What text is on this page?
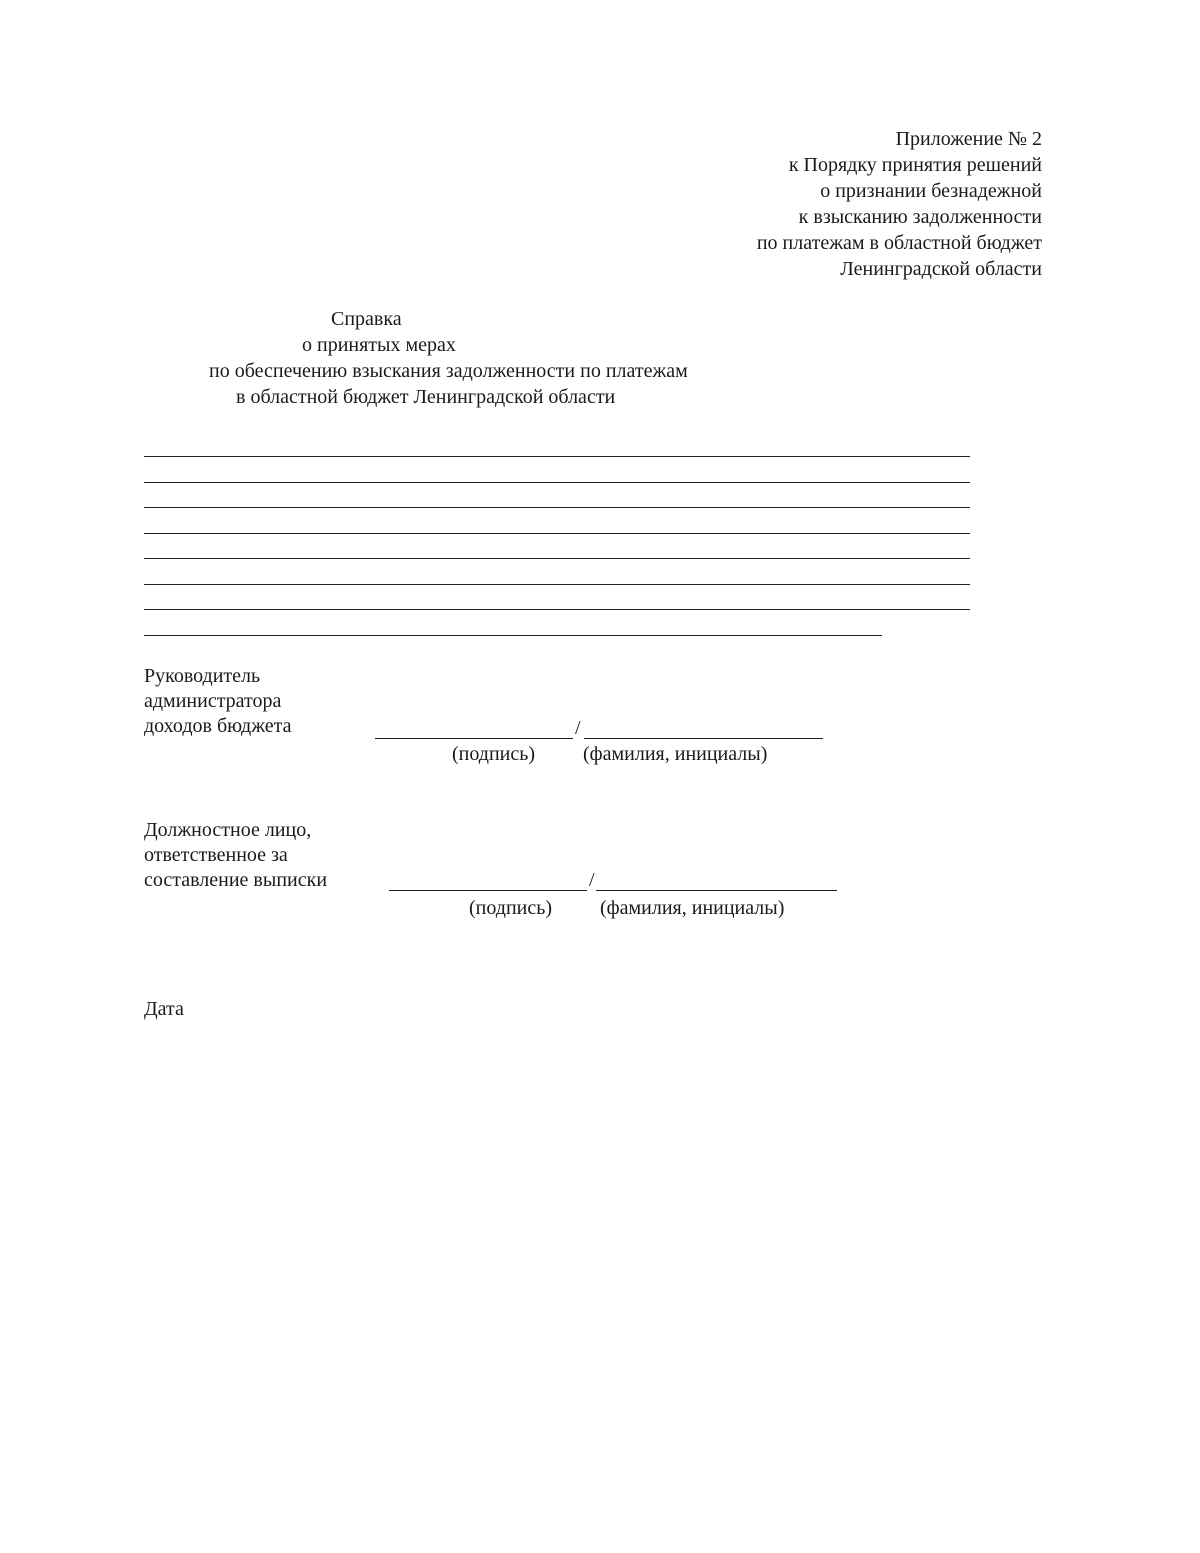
Приложение № 2
к Порядку принятия решений
о признании безнадежной
к взысканию задолженности
по платежам в областной бюджет
Ленинградской области
Справка
о принятых мерах
по обеспечению взыскания задолженности по платежам
в областной бюджет Ленинградской области
Руководитель
администратора
доходов бюджета	/
(подпись) (фамилия, инициалы)
Должностное лицо,
ответственное за
составление выписки	/
(подпись) (фамилия, инициалы)
Дата
